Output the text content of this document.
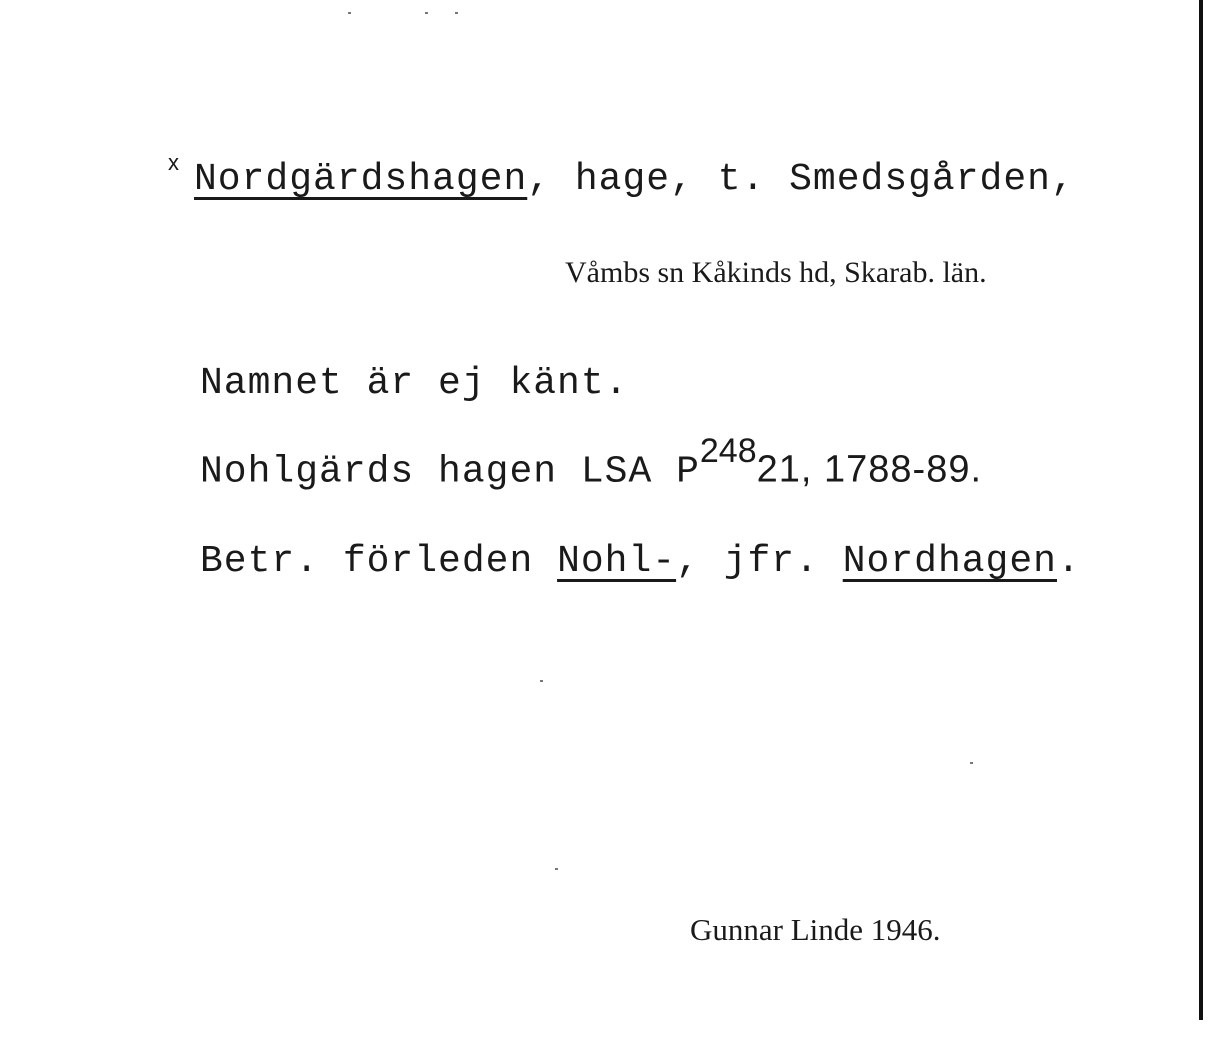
x Nordgärdshagen, hage, t. Smedsgården,
Våmbs sn Kåkinds hd, Skarab. län.
Namnet är ej känt.
Nohlgärds hagen LSA $P^{248}21$, 1788-89.
Betr. förleden Nohl-, jfr. Nordhagen.
Gunnar Linde 1946.
